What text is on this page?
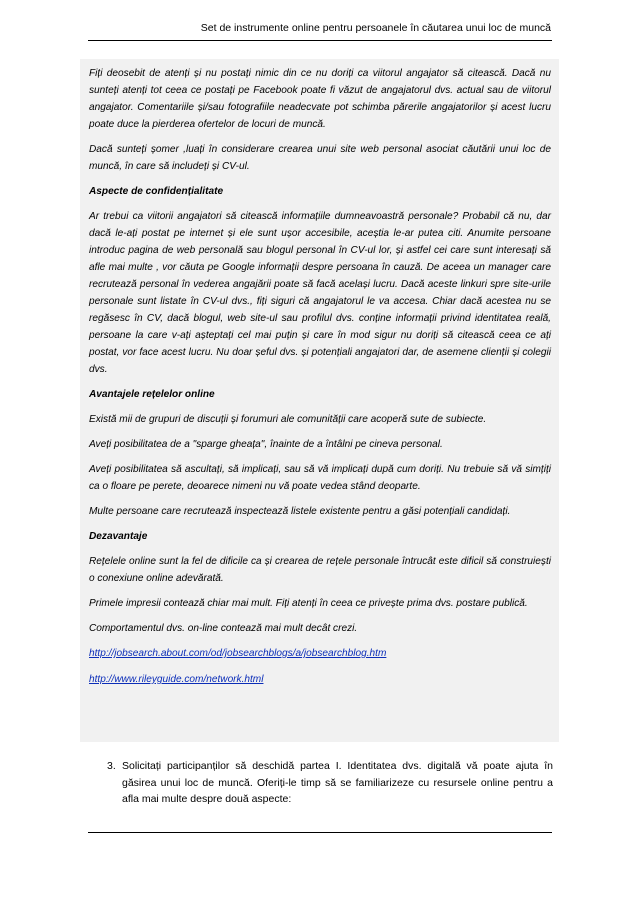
Set de instrumente online pentru persoanele în căutarea unui loc de muncă

Fiți deosebit de atenți și nu postați nimic din ce nu doriți ca viitorul angajator să citească. Dacă nu sunteți atenți tot ceea ce postați pe Facebook poate fi văzut de angajatorul dvs. actual sau de viitorul angajator. Comentariile și/sau fotografiile neadecvate pot schimba părerile angajatorilor și acest lucru poate duce la pierderea ofertelor de locuri de muncă.

Dacă sunteți șomer ,luați în considerare crearea unui site web personal asociat căutării unui loc de muncă, în care să includeți și CV-ul.

Aspecte de confidențialitate

Ar trebui ca viitorii angajatori să citească informațiile dumneavoastră personale? Probabil că nu, dar dacă le-ați postat pe internet și ele sunt ușor accesibile, aceștia le-ar putea citi. Anumite persoane introduc pagina de web personală sau blogul personal în CV-ul lor, și astfel cei care sunt interesați să afle mai multe , vor căuta pe Google informații despre persoana în cauză. De aceea un manager care recrutează personal în vederea angajării poate să facă același lucru. Dacă aceste linkuri spre site-urile personale sunt listate în CV-ul dvs., fiți siguri că angajatorul le va accesa. Chiar dacă acestea nu se regăsesc în CV, dacă blogul, web site-ul sau profilul dvs. conține informații privind identitatea reală, persoane la care v-ați așteptați cel mai puțin și care în mod sigur nu doriți să citească ceea ce ați postat, vor face acest lucru. Nu doar șeful dvs. și potențiali angajatori dar, de asemene clienții și colegii dvs.

Avantajele rețelelor online

Există mii de grupuri de discuții și forumuri ale comunității care acoperă sute de subiecte.

Aveți posibilitatea de a "sparge gheața", înainte de a întâlni pe cineva personal.

Aveți posibilitatea să ascultați, să implicați, sau să vă implicați după cum doriți. Nu trebuie să vă simțiți ca o floare pe perete, deoarece nimeni nu vă poate vedea stând deoparte.

Multe persoane care recrutează inspectează listele existente pentru a găsi potențiali candidați.

Dezavantaje

Rețelele online sunt la fel de dificile ca și crearea de rețele personale întrucât este dificil să construiești o conexiune online adevărată.

Primele impresii contează chiar mai mult. Fiți atenți în ceea ce privește prima dvs. postare publică.

Comportamentul dvs. on-line contează mai mult decât crezi.

http://jobsearch.about.com/od/jobsearchblogs/a/jobsearchblog.htm

http://www.rileyguide.com/network.html

3. Solicitați participanților să deschidă partea I. Identitatea dvs. digitală vă poate ajuta în găsirea unui loc de muncă. Oferiți-le timp să se familiarizeze cu resursele online pentru a afla mai multe despre două aspecte:
